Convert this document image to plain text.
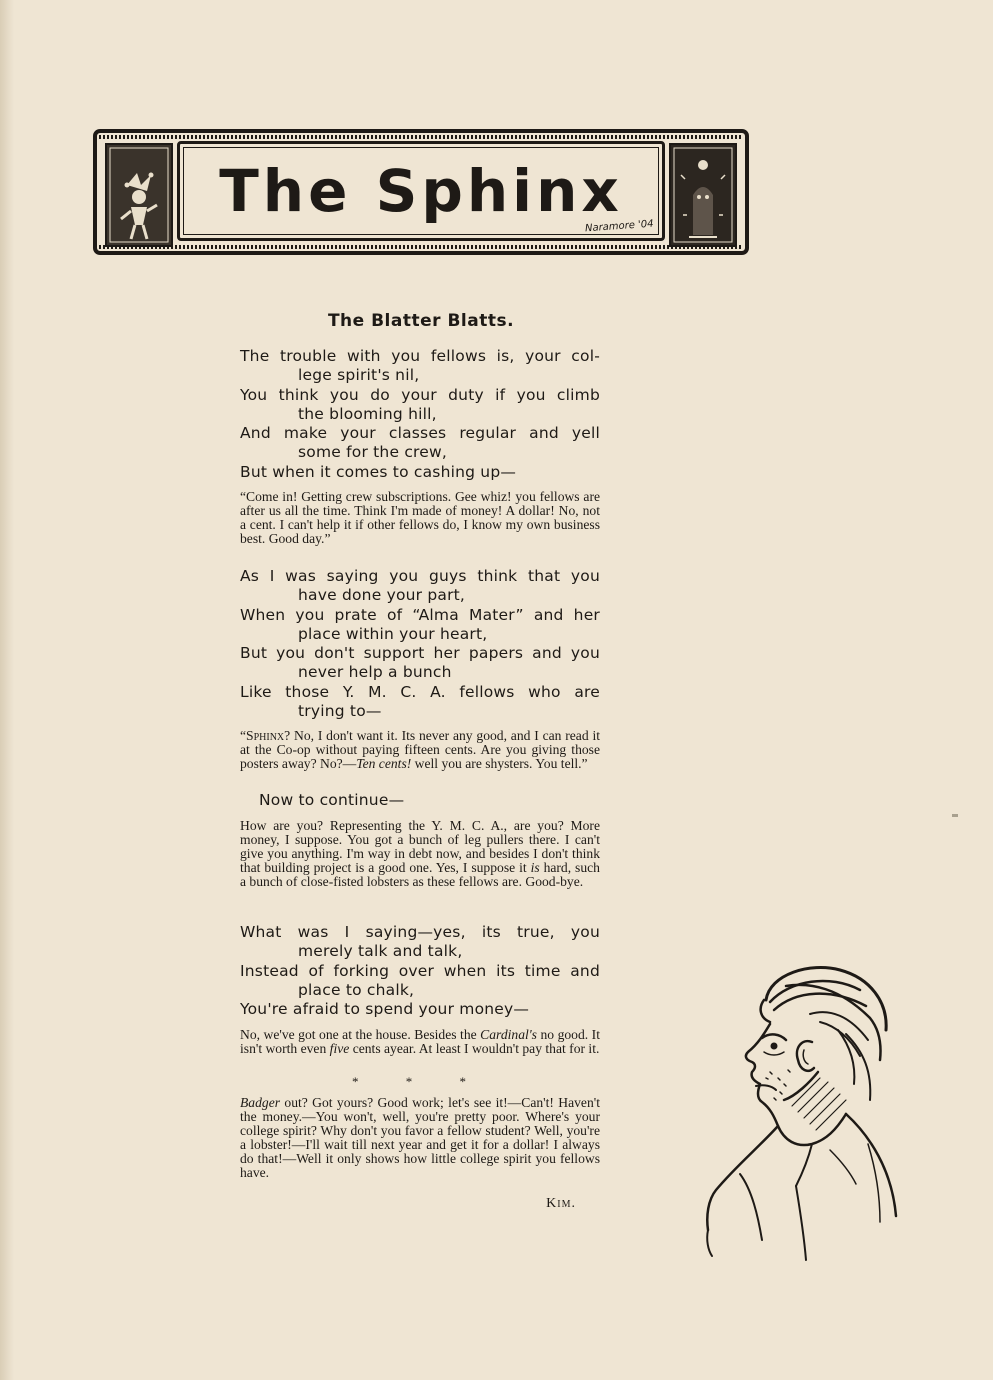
The Sphinx
Naramore '04
The Blatter Blatts.
The trouble with you fellows is, your col-
lege spirit's nil,
You think you do your duty if you climb
the blooming hill,
And make your classes regular and yell
some for the crew,
But when it comes to cashing up—

“Come in! Getting crew subscriptions. Gee whiz! you fellows are after us all the time. Think I'm made of money! A dollar! No, not a cent. I can't help it if other fellows do, I know my own business best. Good day.”

As I was saying you guys think that you
have done your part,
When you prate of “Alma Mater” and her
place within your heart,
But you don't support her papers and you
never help a bunch
Like those Y. M. C. A. fellows who are
trying to—

“Sphinx? No, I don't want it. Its never any good, and I can read it at the Co-op without paying fifteen cents. Are you giving those posters away? No?—Ten cents! well you are shysters. You tell.”

Now to continue—

How are you? Representing the Y. M. C. A., are you? More money, I suppose. You got a bunch of leg pullers there. I can't give you anything. I'm way in debt now, and besides I don't think that building project is a good one. Yes, I suppose it is hard, such a bunch of close-fisted lobsters as these fellows are. Good-bye.

What was I saying—yes, its true, you
merely talk and talk,
Instead of forking over when its time and
place to chalk,
You're afraid to spend your money—

No, we've got one at the house. Besides the Cardinal's no good. It isn't worth even five cents ayear. At least I wouldn't pay that for it.

* * *

Badger out? Got yours? Good work; let's see it!—Can't! Haven't the money.—You won't, well, you're pretty poor. Where's your college spirit? Why don't you favor a fellow student? Well, you're a lobster!—I'll wait till next year and get it for a dollar! I always do that!—Well it only shows how little college spirit you fellows have.

Kim.
